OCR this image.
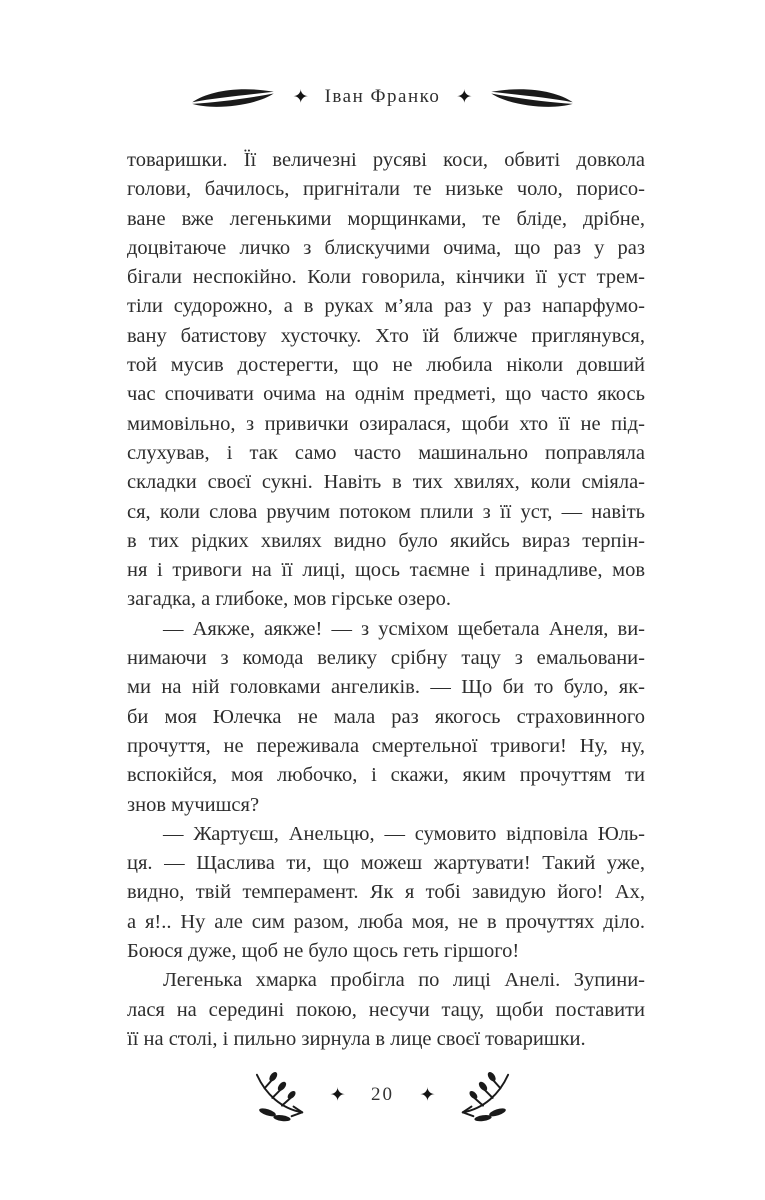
✦ Іван Франко ✦
товаришки. Її величезні русяві коси, обвиті довкола
голови, бачилось, пригнітали те низьке чоло, порисо-
ване вже легенькими морщинками, те бліде, дрібне,
доцвітаюче личко з блискучими очима, що раз у раз
бігали неспокійно. Коли говорила, кінчики її уст трем-
тіли судорожно, а в руках м’яла раз у раз напарфумо-
вану батистову хусточку. Хто їй ближче приглянувся,
той мусив достерегти, що не любила ніколи довший
час спочивати очима на однім предметі, що часто якось
мимовільно, з привички озиралася, щоби хто її не під-
слухував, і так само часто машинально поправляла
складки своєї сукні. Навіть в тих хвилях, коли сміяла-
ся, коли слова рвучим потоком плили з її уст, — навіть
в тих рідких хвилях видно було якийсь вираз терпін-
ня і тривоги на її лиці, щось таємне і принадливе, мов
загадка, а глибоке, мов гірське озеро.
— Аякже, аякже! — з усміхом щебетала Анеля, ви-
нимаючи з комода велику срібну тацу з емальовани-
ми на ній головками ангеликів. — Що би то було, як-
би моя Юлечка не мала раз якогось страховинного
прочуття, не переживала смертельної тривоги! Ну, ну,
вспокійся, моя любочко, і скажи, яким прочуттям ти
знов мучишся?
— Жартуєш, Анельцю, — сумовито відповіла Юль-
ця. — Щаслива ти, що можеш жартувати! Такий уже,
видно, твій темперамент. Як я тобі завидую його! Ах,
а я!.. Ну але сим разом, люба моя, не в прочуттях діло.
Боюся дуже, щоб не було щось геть гіршого!
Легенька хмарка пробігла по лиці Анелі. Зупини-
лася на середині покою, несучи тацу, щоби поставити
її на столі, і пильно зирнула в лице своєї товаришки.
✦ 20 ✦
